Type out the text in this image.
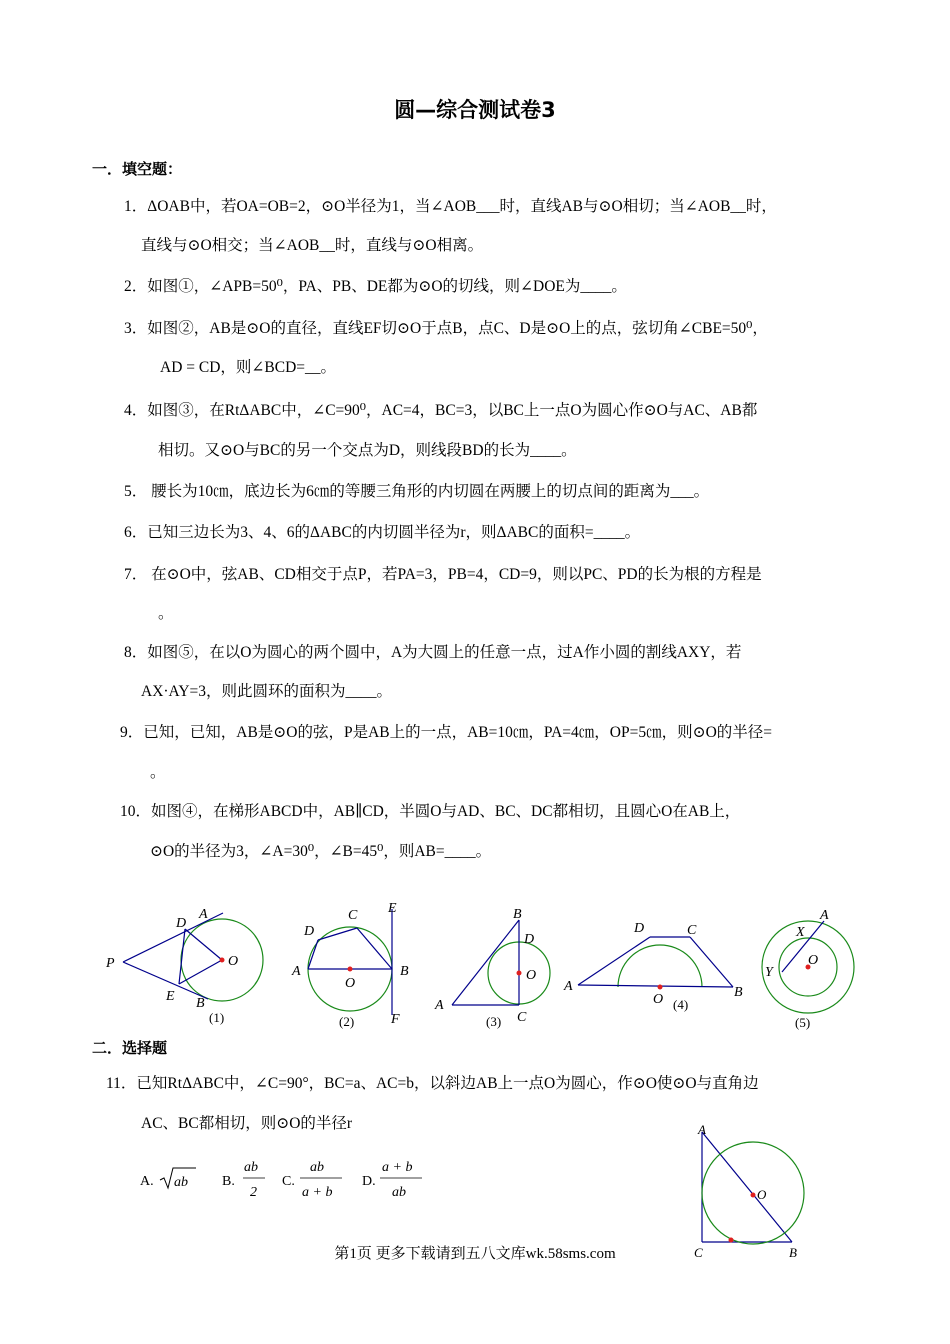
圆—综合测试卷3
一．填空题：
1．ΔOAB中，若OA=OB=2，⊙O半径为1，当∠AOB___时，直线AB与⊙O相切；当∠AOB__时，
直线与⊙O相交；当∠AOB__时，直线与⊙O相离。
2．如图①，∠APB=50⁰，PA、PB、DE都为⊙O的切线，则∠DOE为____。
3．如图②，AB是⊙O的直径，直线EF切⊙O于点B，点C、D是⊙O上的点，弦切角∠CBE=50⁰，
AD = CD，则∠BCD=__。
4．如图③，在RtΔABC中，∠C=90⁰，AC=4，BC=3，以BC上一点O为圆心作⊙O与AC、AB都
相切。又⊙O与BC的另一个交点为D，则线段BD的长为____。
5． 腰长为10㎝，底边长为6㎝的等腰三角形的内切圆在两腰上的切点间的距离为___。
6．已知三边长为3、4、6的ΔABC的内切圆半径为r，则ΔABC的面积=____。
7． 在⊙O中，弦AB、CD相交于点P，若PA=3，PB=4，CD=9，则以PC、PD的长为根的方程是
。
8．如图⑤，在以O为圆心的两个圆中，A为大圆上的任意一点，过A作小圆的割线AXY，若
AX·AY=3，则此圆环的面积为____。
9．已知，已知，AB是⊙O的弦，P是AB上的一点，AB=10㎝，PA=4㎝，OP=5㎝，则⊙O的半径=
。
10．如图④，在梯形ABCD中，AB∥CD，半圆O与AD、BC、DC都相切，且圆心O在AB上，
⊙O的半径为3，∠A=30⁰，∠B=45⁰，则AB=____。
P
D
A
O
E B
(1)
D
C E
A
O
B
F
(2)
B
D
O
A
C
(3)
D	C
A
O	B
(4)
A
X
O
Y
(5)
二．选择题
11．已知RtΔABC中，∠C=90°，BC=a、AC=b，以斜边AB上一点O为圆心，作⊙O使⊙O与直角边
AC、BC都相切，则⊙O的半径r
A. ab B.
ab
2
C.
ab
a + b
D.
a + b
ab
A
O
C	B
第1页 更多下载请到五八文库wk.58sms.com
